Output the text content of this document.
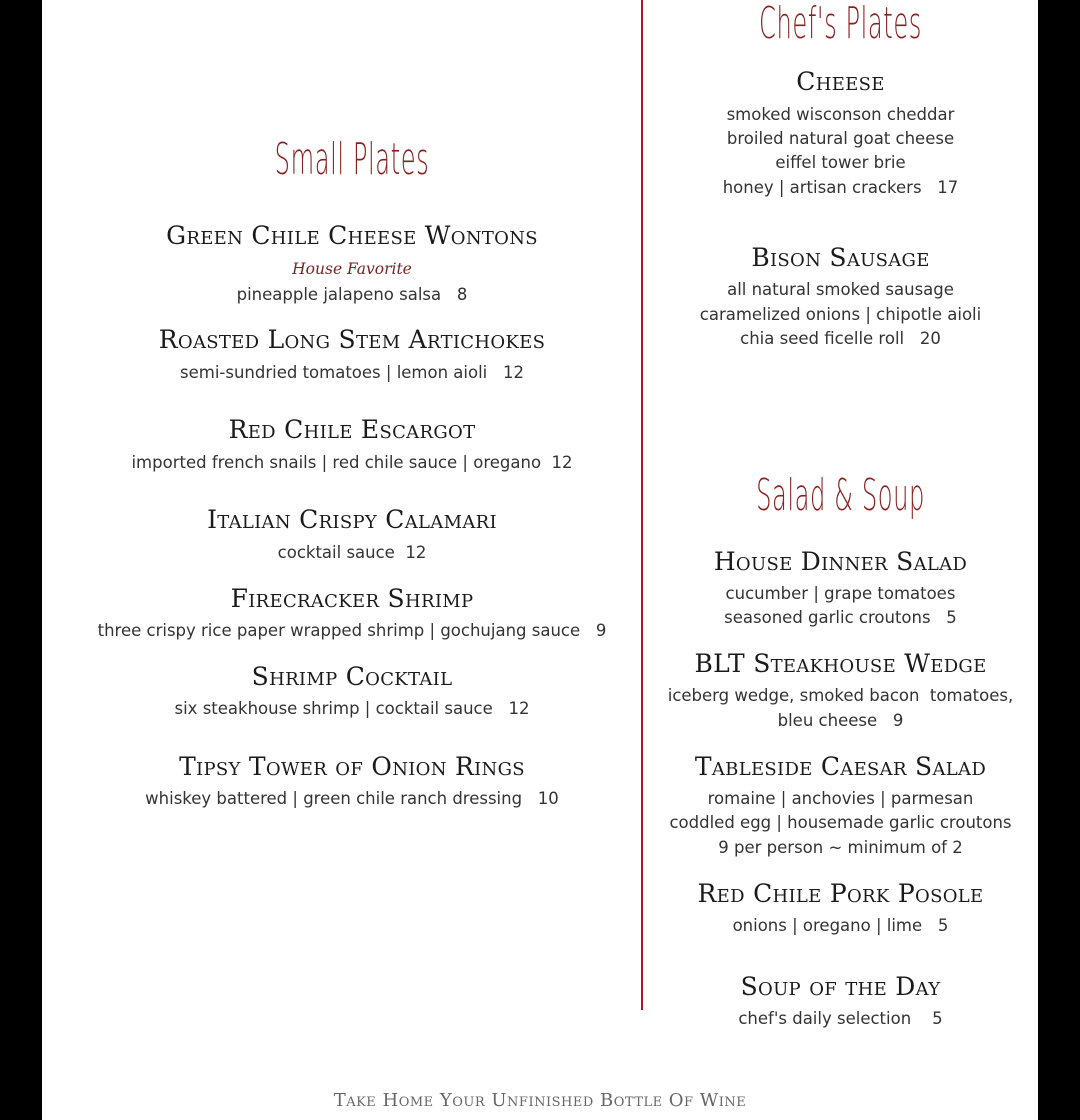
Small Plates
Green Chile Cheese Wontons
House Favorite
pineapple jalapeno salsa   8
Roasted Long Stem Artichokes
semi-sundried tomatoes | lemon aioli   12
Red Chile Escargot
imported french snails | red chile sauce | oregano  12
Italian Crispy Calamari
cocktail sauce  12
Firecracker Shrimp
three crispy rice paper wrapped shrimp | gochujang sauce   9
Shrimp Cocktail
six steakhouse shrimp | cocktail sauce   12
Tipsy Tower of Onion Rings
whiskey battered | green chile ranch dressing   10
Chef's Plates
Cheese
smoked wisconson cheddar
broiled natural goat cheese
eiffel tower brie
honey | artisan crackers   17
Bison Sausage
all natural smoked sausage
caramelized onions | chipotle aioli
chia seed ficelle roll   20
Salad & Soup
House Dinner Salad
cucumber | grape tomatoes
seasoned garlic croutons   5
BLT Steakhouse Wedge
iceberg wedge, smoked bacon  tomatoes,
bleu cheese   9
Tableside Caesar Salad
romaine | anchovies | parmesan
coddled egg | housemade garlic croutons
9 per person ~ minimum of 2
Red Chile Pork Posole
onions | oregano | lime   5
Soup of the Day
chef's daily selection    5
Take Home Your Unfinished Bottle Of Wine
